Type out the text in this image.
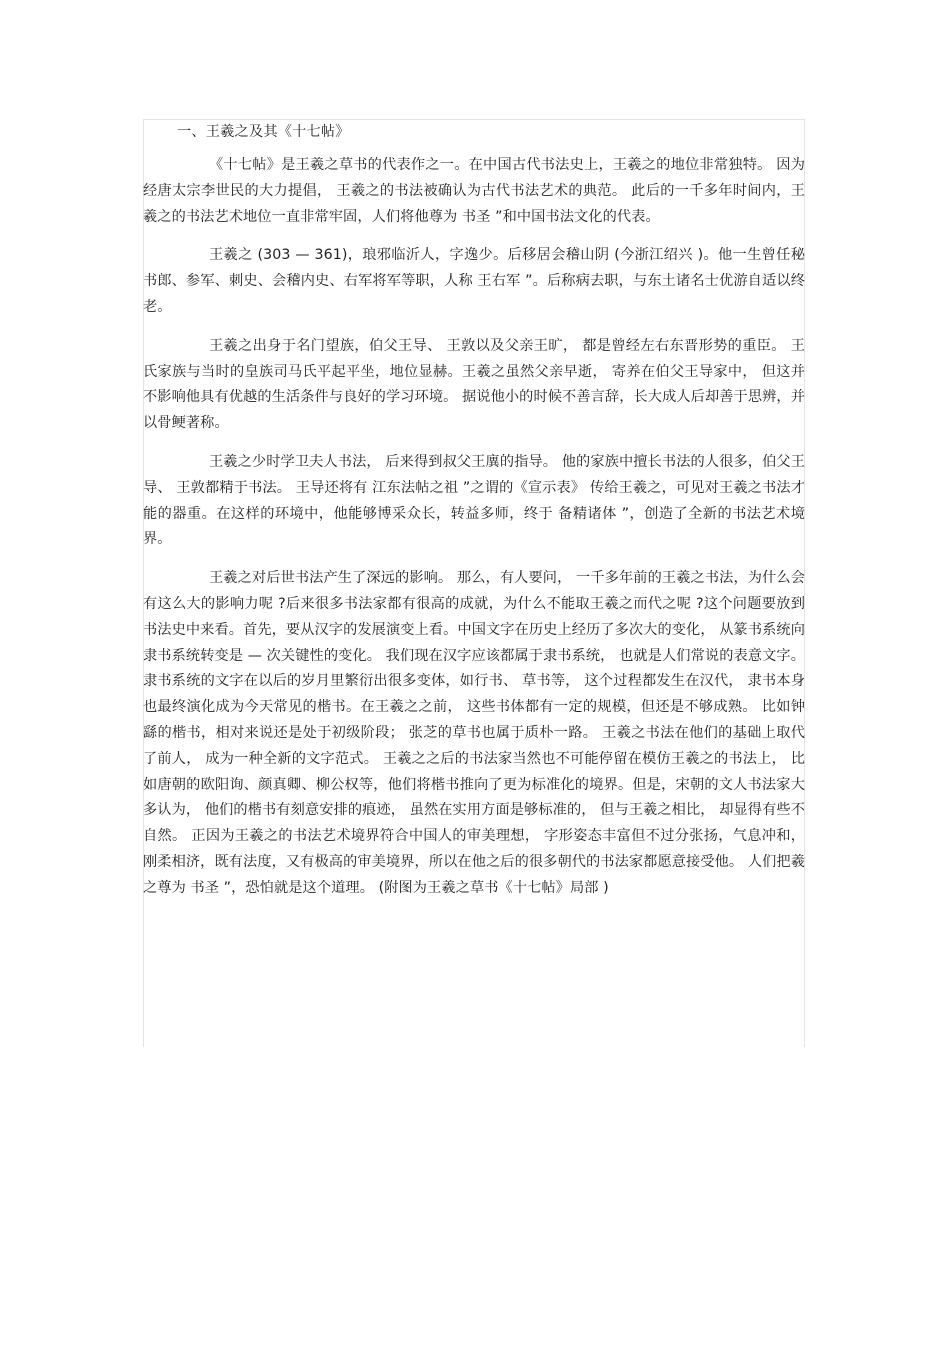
一、王羲之及其《十七帖》

《十七帖》是王羲之草书的代表作之一。在中国古代书法史上，王羲之的地位非常独特。 因为经唐太宗李世民的大力提倡， 王羲之的书法被确认为古代书法艺术的典范。 此后的一千多年时间内，王羲之的书法艺术地位一直非常牢固，人们将他尊为 书圣 ”和中国书法文化的代表。

王羲之 (303 — 361)，琅邪临沂人，字逸少。后移居会稽山阴 (今浙江绍兴 )。他一生曾任秘书郎、参军、刺史、会稽内史、右军将军等职，人称 王右军 ”。后称病去职，与东土诸名士优游自适以终老。

王羲之出身于名门望族，伯父王导、 王敦以及父亲王旷， 都是曾经左右东晋形势的重臣。 王氏家族与当时的皇族司马氏平起平坐，地位显赫。王羲之虽然父亲早逝， 寄养在伯父王导家中， 但这并不影响他具有优越的生活条件与良好的学习环境。 据说他小的时候不善言辞，长大成人后却善于思辨，并以骨鲠著称。

王羲之少时学卫夫人书法， 后来得到叔父王廙的指导。 他的家族中擅长书法的人很多，伯父王导、 王敦都精于书法。 王导还将有 江东法帖之祖 ”之谓的《宣示表》 传给王羲之，可见对王羲之书法才能的器重。在这样的环境中，他能够博采众长，转益多师，终于 备精诸体 ”，创造了全新的书法艺术境界。

王羲之对后世书法产生了深远的影响。 那么，有人要问， 一千多年前的王羲之书法，为什么会有这么大的影响力呢 ?后来很多书法家都有很高的成就，为什么不能取王羲之而代之呢 ?这个问题要放到书法史中来看。首先，要从汉字的发展演变上看。中国文字在历史上经历了多次大的变化， 从篆书系统向隶书系统转变是 — 次关键性的变化。 我们现在汉字应该都属于隶书系统， 也就是人们常说的表意文字。 隶书系统的文字在以后的岁月里繁衍出很多变体，如行书、 草书等， 这个过程都发生在汉代， 隶书本身也最终演化成为今天常见的楷书。在王羲之之前， 这些书体都有一定的规模，但还是不够成熟。 比如钟繇的楷书，相对来说还是处于初级阶段； 张芝的草书也属于质朴一路。 王羲之书法在他们的基础上取代了前人， 成为一种全新的文字范式。 王羲之之后的书法家当然也不可能停留在模仿王羲之的书法上， 比如唐朝的欧阳询、颜真卿、柳公权等，他们将楷书推向了更为标准化的境界。但是，宋朝的文人书法家大多认为， 他们的楷书有刻意安排的痕迹， 虽然在实用方面是够标准的， 但与王羲之相比， 却显得有些不自然。 正因为王羲之的书法艺术境界符合中国人的审美理想， 字形姿态丰富但不过分张扬，气息冲和，刚柔相济，既有法度，又有极高的审美境界，所以在他之后的很多朝代的书法家都愿意接受他。 人们把羲之尊为 书圣 ”，恐怕就是这个道理。 (附图为王羲之草书《十七帖》局部 )
